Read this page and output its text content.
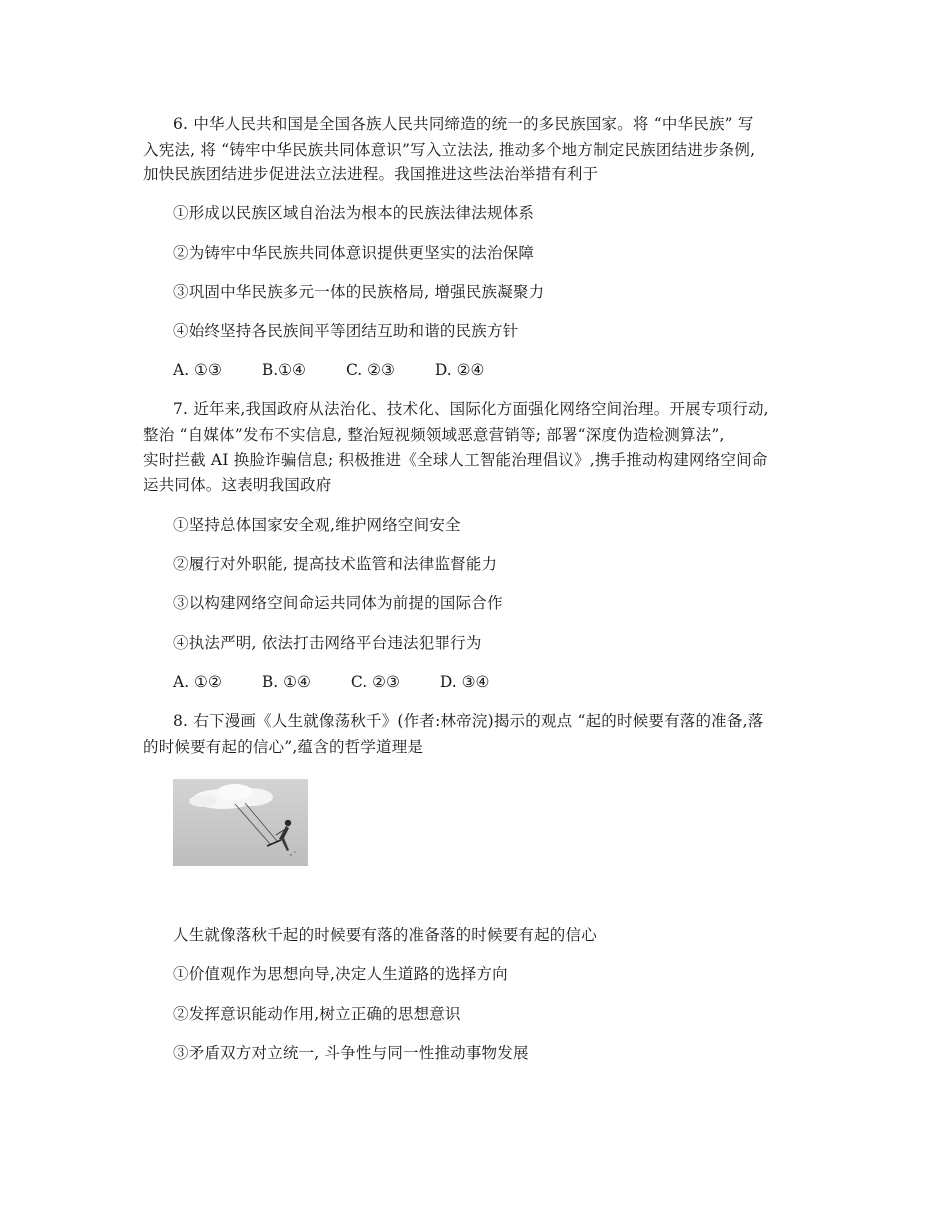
6. 中华人民共和国是全国各族人民共同缔造的统一的多民族国家。将 “中华民族” 写
入宪法, 将 “铸牢中华民族共同体意识”写入立法法, 推动多个地方制定民族团结进步条例,
加快民族团结进步促进法立法进程。我国推进这些法治举措有利于
①形成以民族区域自治法为根本的民族法律法规体系
②为铸牢中华民族共同体意识提供更坚实的法治保障
③巩固中华民族多元一体的民族格局, 增强民族凝聚力
④始终坚持各民族间平等团结互助和谐的民族方针
A. ①③	B.①④	C. ②③	D. ②④
7. 近年来,我国政府从法治化、技术化、国际化方面强化网络空间治理。开展专项行动,
整治 “自媒体”发布不实信息, 整治短视频领域恶意营销等; 部署“深度伪造检测算法”,
实时拦截 AI 换脸诈骗信息; 积极推进《全球人工智能治理倡议》,携手推动构建网络空间命
运共同体。这表明我国政府
①坚持总体国家安全观,维护网络空间安全
②履行对外职能, 提高技术监管和法律监督能力
③以构建网络空间命运共同体为前提的国际合作
④执法严明, 依法打击网络平台违法犯罪行为
A. ①②	B. ①④	C. ②③	D. ③④
8. 右下漫画《人生就像荡秋千》(作者:林帝浣)揭示的观点 “起的时候要有落的准备,落
的时候要有起的信心”,蕴含的哲学道理是
人生就像落秋千起的时候要有落的准备落的时候要有起的信心
①价值观作为思想向导,决定人生道路的选择方向
②发挥意识能动作用,树立正确的思想意识
③矛盾双方对立统一, 斗争性与同一性推动事物发展
